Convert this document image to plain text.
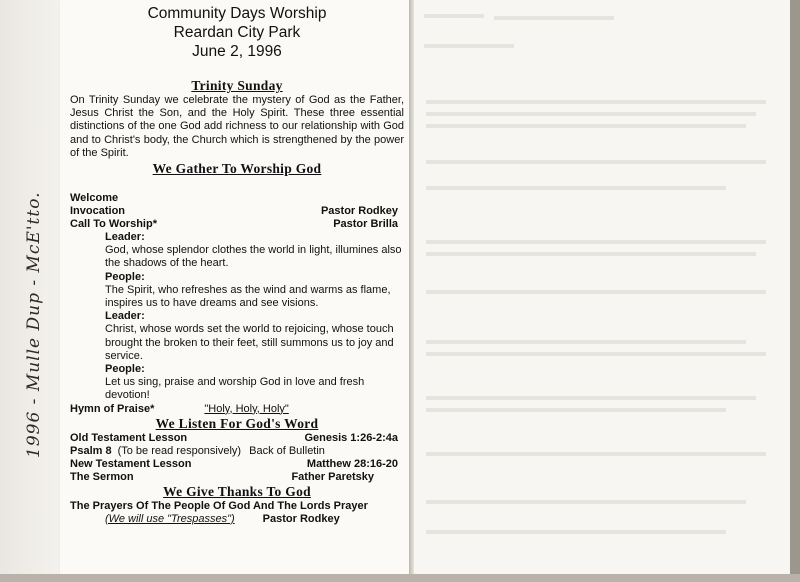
1996 - Mulle Dup - McE'tto.
Community Days Worship
Reardan City Park
June 2, 1996
Trinity Sunday

On Trinity Sunday we celebrate the mystery of God as the Father, Jesus Christ the Son, and the Holy Spirit. These three essential distinctions of the one God add richness to our relationship with God and to Christ's body, the Church which is strengthened by the power of the Spirit.

We Gather To Worship God
Welcome
Invocation	Pastor Rodkey
Call To Worship*	Pastor Brilla
Leader:
God, whose splendor clothes the world in light, illumines also the shadows of the heart.
People:
The Spirit, who refreshes as the wind and warms as flame, inspires us to have dreams and see visions.
Leader:
Christ, whose words set the world to rejoicing, whose touch brought the broken to their feet, still summons us to joy and service.
People:
Let us sing, praise and worship God in love and fresh devotion!
Hymn of Praise*	"Holy, Holy, Holy"
We Listen For God's Word
Old Testament Lesson	Genesis 1:26-2:4a
Psalm 8 (To be read responsively) Back of Bulletin
New Testament Lesson	Matthew 28:16-20
The Sermon	Father Paretsky
We Give Thanks To God
The Prayers Of The People Of God And The Lords Prayer
(We will use "Trespasses")	Pastor Rodkey
